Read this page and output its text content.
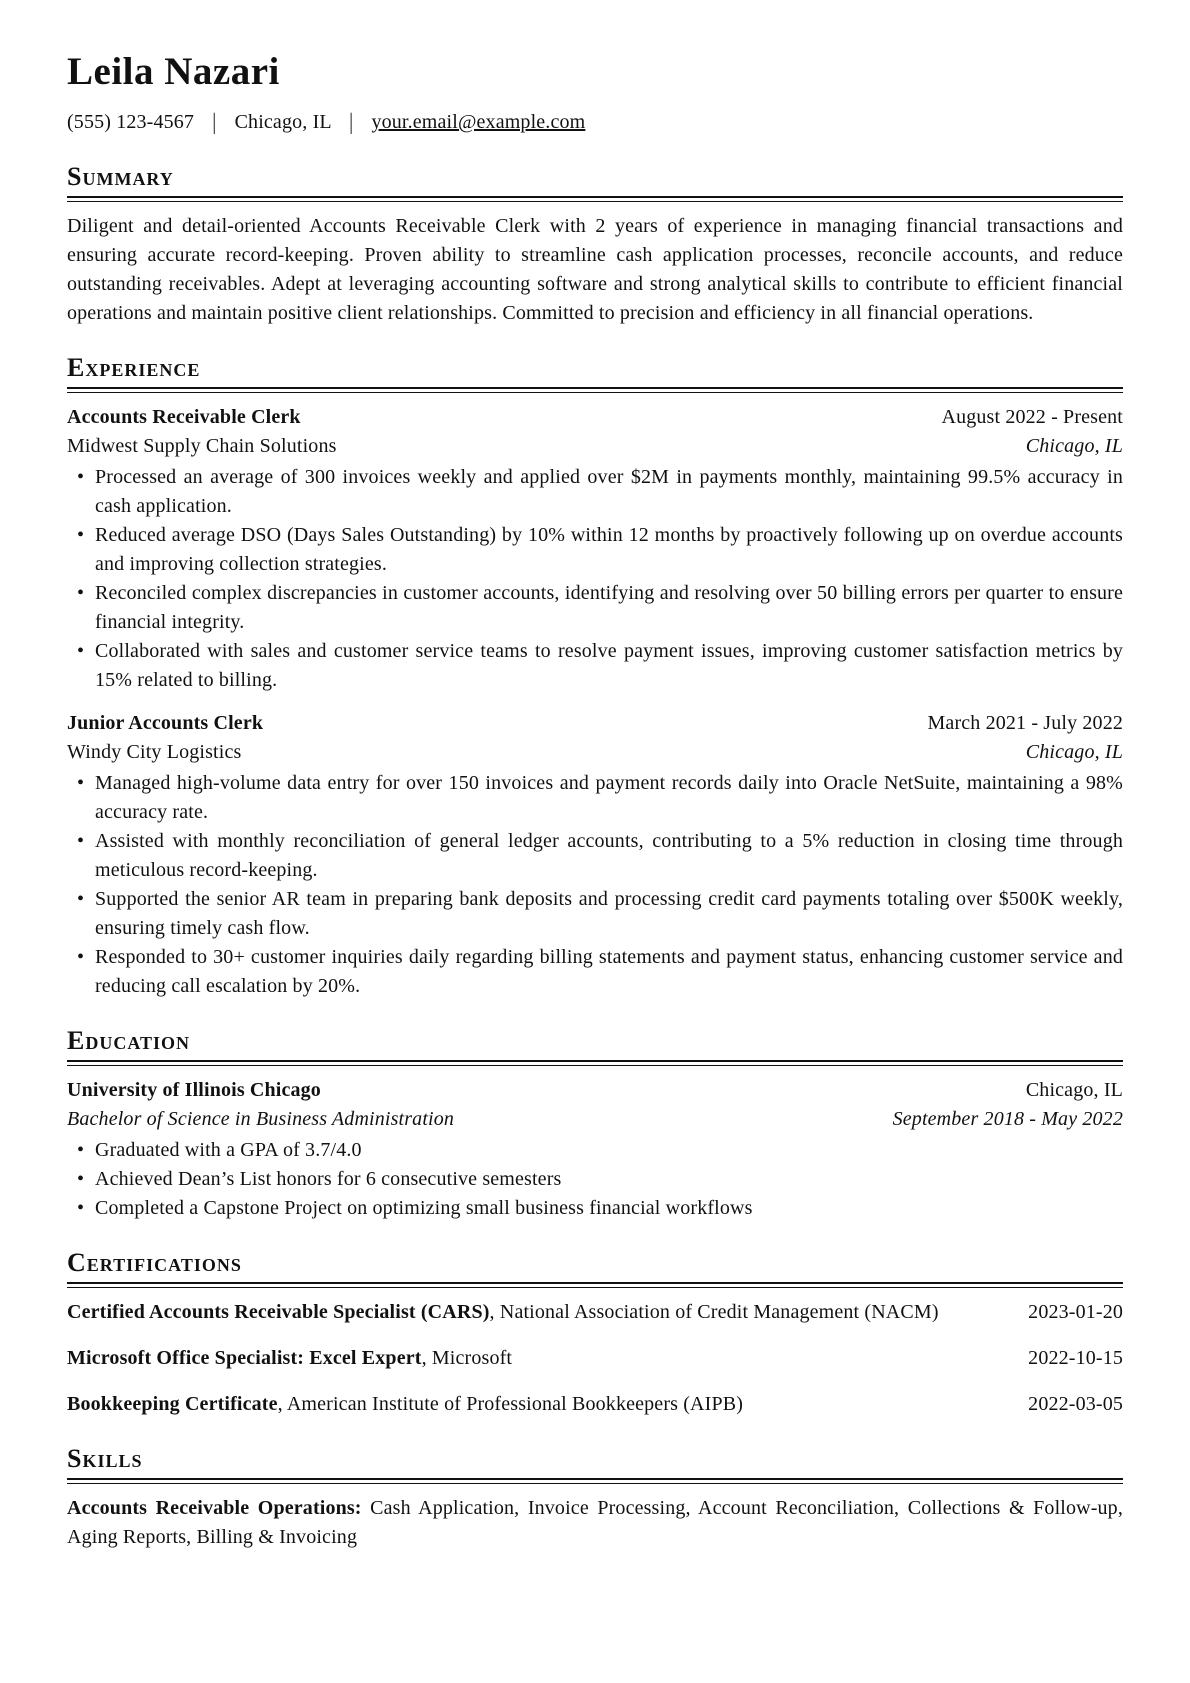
Leila Nazari
(555) 123-4567 | Chicago, IL | your.email@example.com
Summary

Diligent and detail-oriented Accounts Receivable Clerk with 2 years of experience in managing financial transactions and ensuring accurate record-keeping. Proven ability to streamline cash application processes, reconcile accounts, and reduce outstanding receivables. Adept at leveraging accounting software and strong analytical skills to contribute to efficient financial operations and maintain positive client relationships. Committed to precision and efficiency in all financial operations.

Experience
Accounts Receivable Clerk	August 2022 - Present
Midwest Supply Chain Solutions	Chicago, IL
• Processed an average of 300 invoices weekly and applied over $2M in payments monthly, maintaining 99.5% accuracy in cash application.
• Reduced average DSO (Days Sales Outstanding) by 10% within 12 months by proactively following up on overdue accounts and improving collection strategies.
• Reconciled complex discrepancies in customer accounts, identifying and resolving over 50 billing errors per quarter to ensure financial integrity.
• Collaborated with sales and customer service teams to resolve payment issues, improving customer satisfaction metrics by 15% related to billing.
Junior Accounts Clerk	March 2021 - July 2022
Windy City Logistics	Chicago, IL
• Managed high-volume data entry for over 150 invoices and payment records daily into Oracle NetSuite, maintaining a 98% accuracy rate.
• Assisted with monthly reconciliation of general ledger accounts, contributing to a 5% reduction in closing time through meticulous record-keeping.
• Supported the senior AR team in preparing bank deposits and processing credit card payments totaling over $500K weekly, ensuring timely cash flow.
• Responded to 30+ customer inquiries daily regarding billing statements and payment status, enhancing customer service and reducing call escalation by 20%.
Education
University of Illinois Chicago	Chicago, IL
Bachelor of Science in Business Administration	September 2018 - May 2022
• Graduated with a GPA of 3.7/4.0
• Achieved Dean’s List honors for 6 consecutive semesters
• Completed a Capstone Project on optimizing small business financial workflows
Certifications
Certified Accounts Receivable Specialist (CARS), National Association of Credit Management (NACM)	2023-01-20
Microsoft Office Specialist: Excel Expert, Microsoft	2022-10-15
Bookkeeping Certificate, American Institute of Professional Bookkeepers (AIPB)	2022-03-05
Skills

Accounts Receivable Operations: Cash Application, Invoice Processing, Account Reconciliation, Collections & Follow-up, Aging Reports, Billing & Invoicing
